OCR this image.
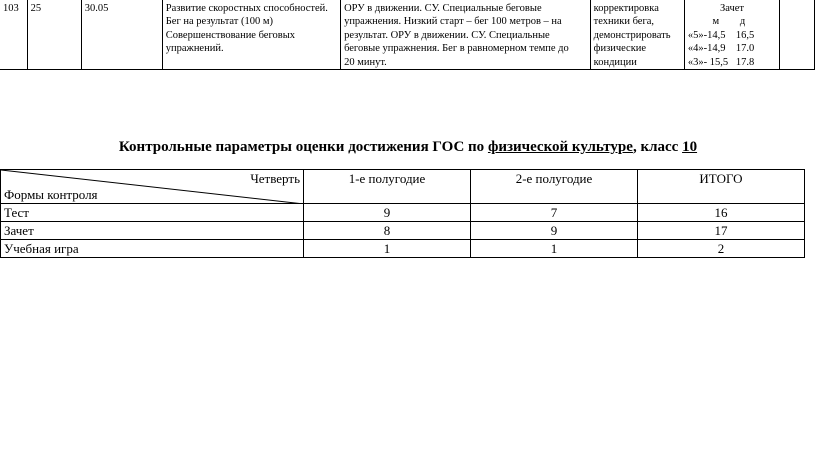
103	25	30.05	Развитие скоростных способностей.
Бег на результат (100 м)
Совершенствование беговых
упражнений.

ОРУ в движении. СУ. Специальные беговые
упражнения. Низкий старт – бег 100 метров – на
результат. ОРУ в движении. СУ. Специальные
беговые упражнения. Бег в равномерном темпе до
20 минут.

корректировка
техники бега,
демонстрировать
физические
кондиции

Зачет
м	д
«5»-14,5 16,5
«4»-14,9 17.0
«3»- 15,5 17.8

Контрольные параметры оценки достижения ГОС по физической культуре, класс 10
Четверть
Формы контроля	1-е полугодие	2-е полугодие	ИТОГО
Тест	9	7	16
Зачет	8	9	17
Учебная игра	1	1	2
